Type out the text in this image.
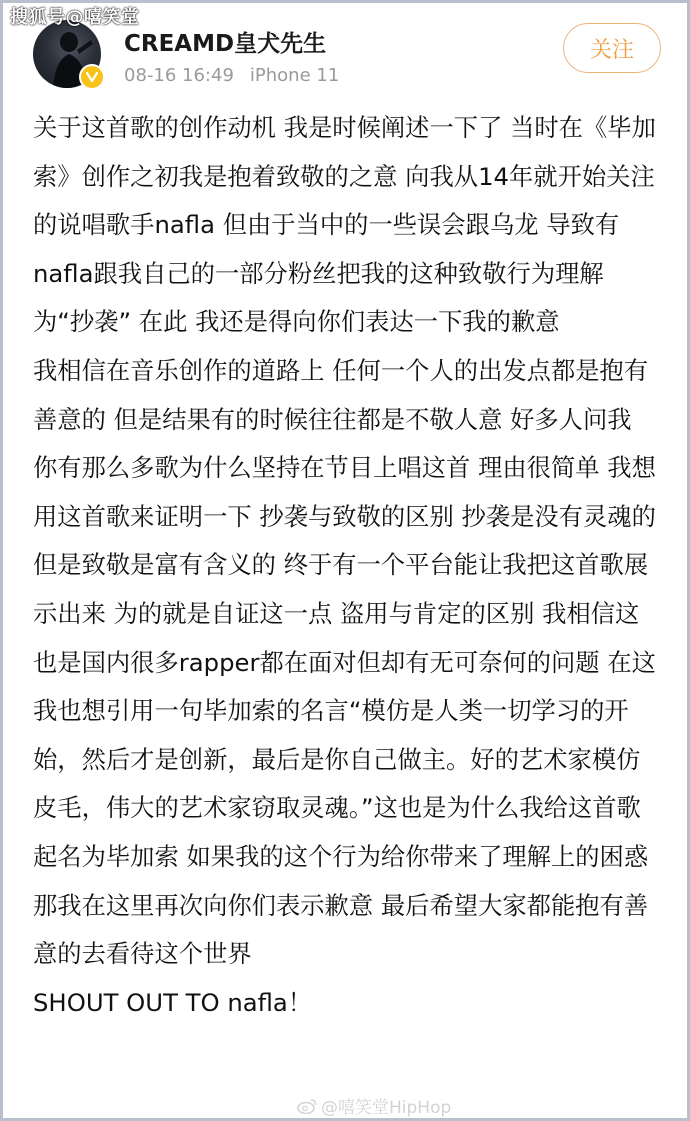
搜狐号@嘻笑堂
CREAMD皇犬先生
08-16 16:49 iPhone 11
关注

关于这首歌的创作动机 我是时候阐述一下了 当时在《毕加索》创作之初我是抱着致敬的之意 向我从14年就开始关注的说唱歌手nafla 但由于当中的一些误会跟乌龙 导致有nafla跟我自己的一部分粉丝把我的这种致敬行为理解为“抄袭” 在此 我还是得向你们表达一下我的歉意

我相信在音乐创作的道路上 任何一个人的出发点都是抱有善意的 但是结果有的时候往往都是不敬人意 好多人问我 你有那么多歌为什么坚持在节目上唱这首 理由很简单 我想用这首歌来证明一下 抄袭与致敬的区别 抄袭是没有灵魂的 但是致敬是富有含义的 终于有一个平台能让我把这首歌展示出来 为的就是自证这一点 盗用与肯定的区别 我相信这也是国内很多rapper都在面对但却有无可奈何的问题 在这我也想引用一句毕加索的名言“模仿是人类一切学习的开始，然后才是创新，最后是你自己做主。好的艺术家模仿皮毛，伟大的艺术家窃取灵魂。”这也是为什么我给这首歌起名为毕加索 如果我的这个行为给你带来了理解上的困惑 那我在这里再次向你们表示歉意 最后希望大家都能抱有善意的去看待这个世界

SHOUT OUT TO nafla！

@嘻笑堂HipHop
